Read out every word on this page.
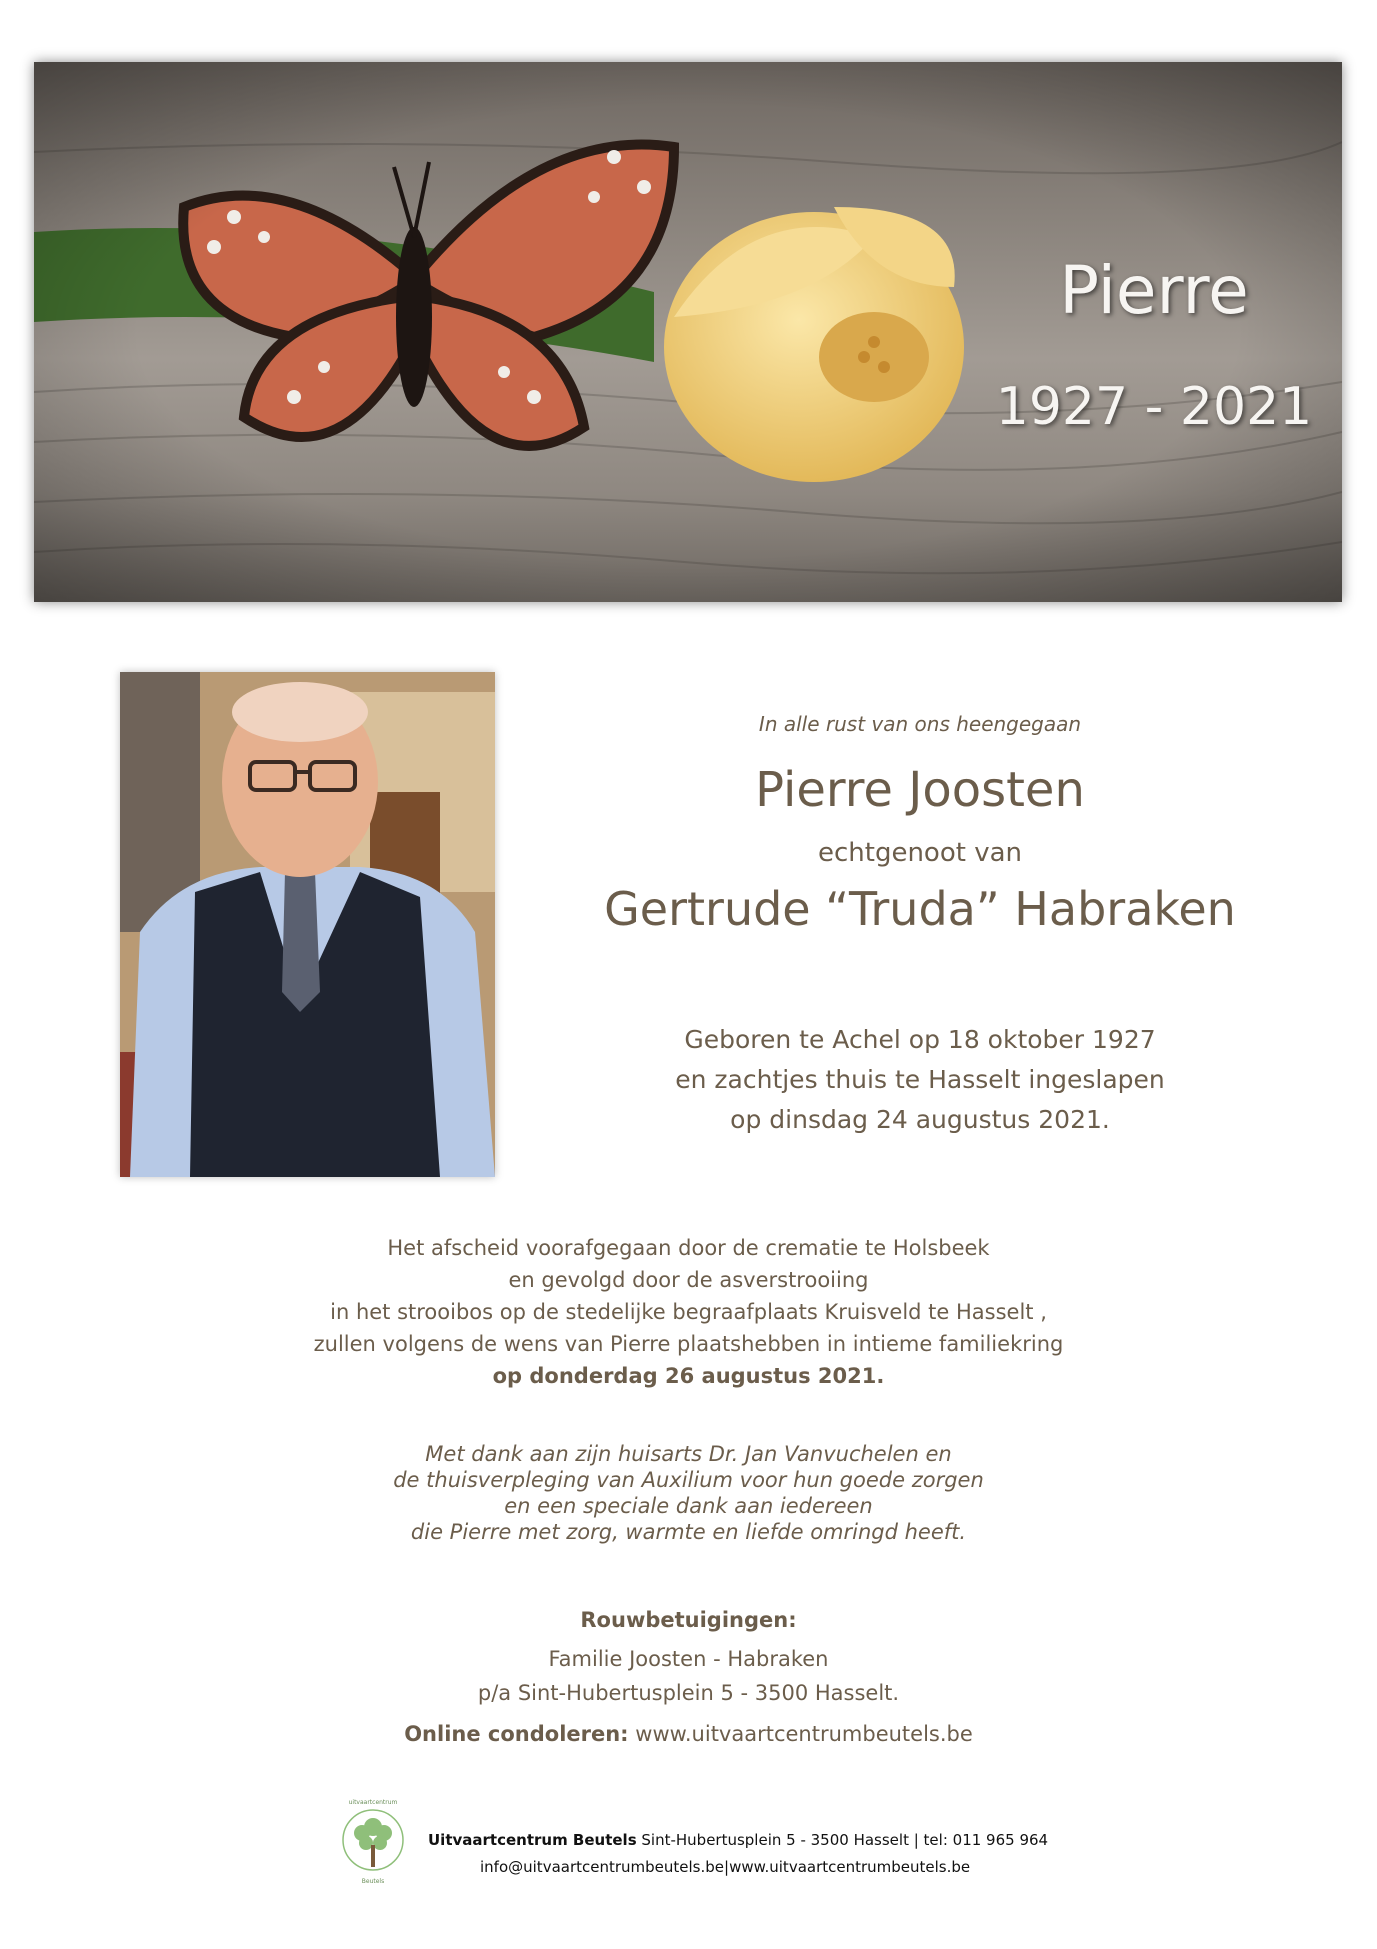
Pierre
1927 - 2021
In alle rust van ons heengegaan
Pierre Joosten
echtgenoot van
Gertrude “Truda” Habraken
Geboren te Achel op 18 oktober 1927
en zachtjes thuis te Hasselt ingeslapen
op dinsdag 24 augustus 2021.
Het afscheid voorafgegaan door de crematie te Holsbeek
en gevolgd door de asverstrooiing
in het strooibos op de stedelijke begraafplaats Kruisveld te Hasselt ,
zullen volgens de wens van Pierre plaatshebben in intieme familiekring
op donderdag 26 augustus 2021.
Met dank aan zijn huisarts Dr. Jan Vanvuchelen en
de thuisverpleging van Auxilium voor hun goede zorgen
en een speciale dank aan iedereen
die Pierre met zorg, warmte en liefde omringd heeft.
Rouwbetuigingen:
Familie Joosten - Habraken
p/a Sint-Hubertusplein 5 - 3500 Hasselt.
Online condoleren: www.uitvaartcentrumbeutels.be
uitvaartcentrum
Beutels
Uitvaartcentrum Beutels Sint-Hubertusplein 5 - 3500 Hasselt | tel: 011 965 964
info@uitvaartcentrumbeutels.be|www.uitvaartcentrumbeutels.be
